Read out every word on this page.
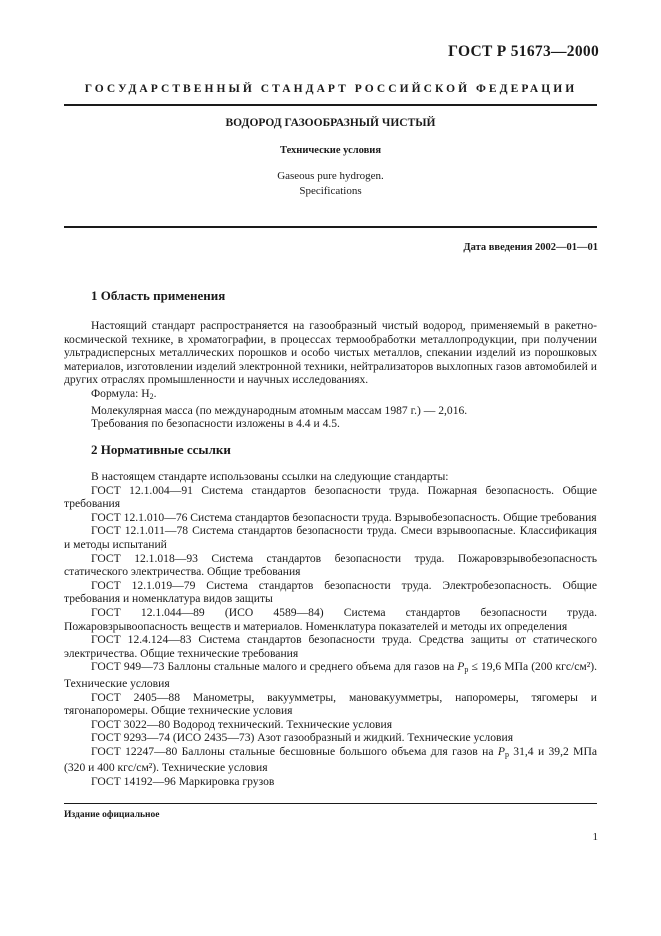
ГОСТ Р 51673—2000
ГОСУДАРСТВЕННЫЙ СТАНДАРТ РОССИЙСКОЙ ФЕДЕРАЦИИ
ВОДОРОД ГАЗООБРАЗНЫЙ ЧИСТЫЙ
Технические условия
Gaseous pure hydrogen.
Specifications
Дата введения 2002—01—01
1 Область применения

Настоящий стандарт распространяется на газообразный чистый водород, применяемый в ракетно-космической технике, в хроматографии, в процессах термообработки металлопродукции, при получении ультрадисперсных металлических порошков и особо чистых металлов, спекании изделий из порошковых материалов, изготовлении изделий электронной техники, нейтрализаторов выхлопных газов автомобилей и других отраслях промышленности и научных исследованиях.

Формула: $Н_2$.

Молекулярная масса (по международным атомным массам 1987 г.) — 2,016.

Требования по безопасности изложены в 4.4 и 4.5.

2 Нормативные ссылки

В настоящем стандарте использованы ссылки на следующие стандарты:

ГОСТ 12.1.004—91 Система стандартов безопасности труда. Пожарная безопасность. Общие требования

ГОСТ 12.1.010—76 Система стандартов безопасности труда. Взрывобезопасность. Общие требования

ГОСТ 12.1.011—78 Система стандартов безопасности труда. Смеси взрывоопасные. Классификация и методы испытаний

ГОСТ 12.1.018—93 Система стандартов безопасности труда. Пожаровзрывобезопасность статического электричества. Общие требования

ГОСТ 12.1.019—79 Система стандартов безопасности труда. Электробезопасность. Общие требования и номенклатура видов защиты

ГОСТ 12.1.044—89 (ИСО 4589—84) Система стандартов безопасности труда. Пожаровзрывоопасность веществ и материалов. Номенклатура показателей и методы их определения

ГОСТ 12.4.124—83 Система стандартов безопасности труда. Средства защиты от статического электричества. Общие технические требования

ГОСТ 949—73 Баллоны стальные малого и среднего объема для газов на $P_p \le 19,6$ МПа (200 кгс/см²). Технические условия

ГОСТ 2405—88 Манометры, вакуумметры, мановакуумметры, напоромеры, тягомеры и тягонапоромеры. Общие технические условия

ГОСТ 3022—80 Водород технический. Технические условия

ГОСТ 9293—74 (ИСО 2435—73) Азот газообразный и жидкий. Технические условия

ГОСТ 12247—80 Баллоны стальные бесшовные большого объема для газов на $P_p$ 31,4 и 39,2 МПа (320 и 400 кгс/см²). Технические условия

ГОСТ 14192—96 Маркировка грузов

Издание официальное
1
